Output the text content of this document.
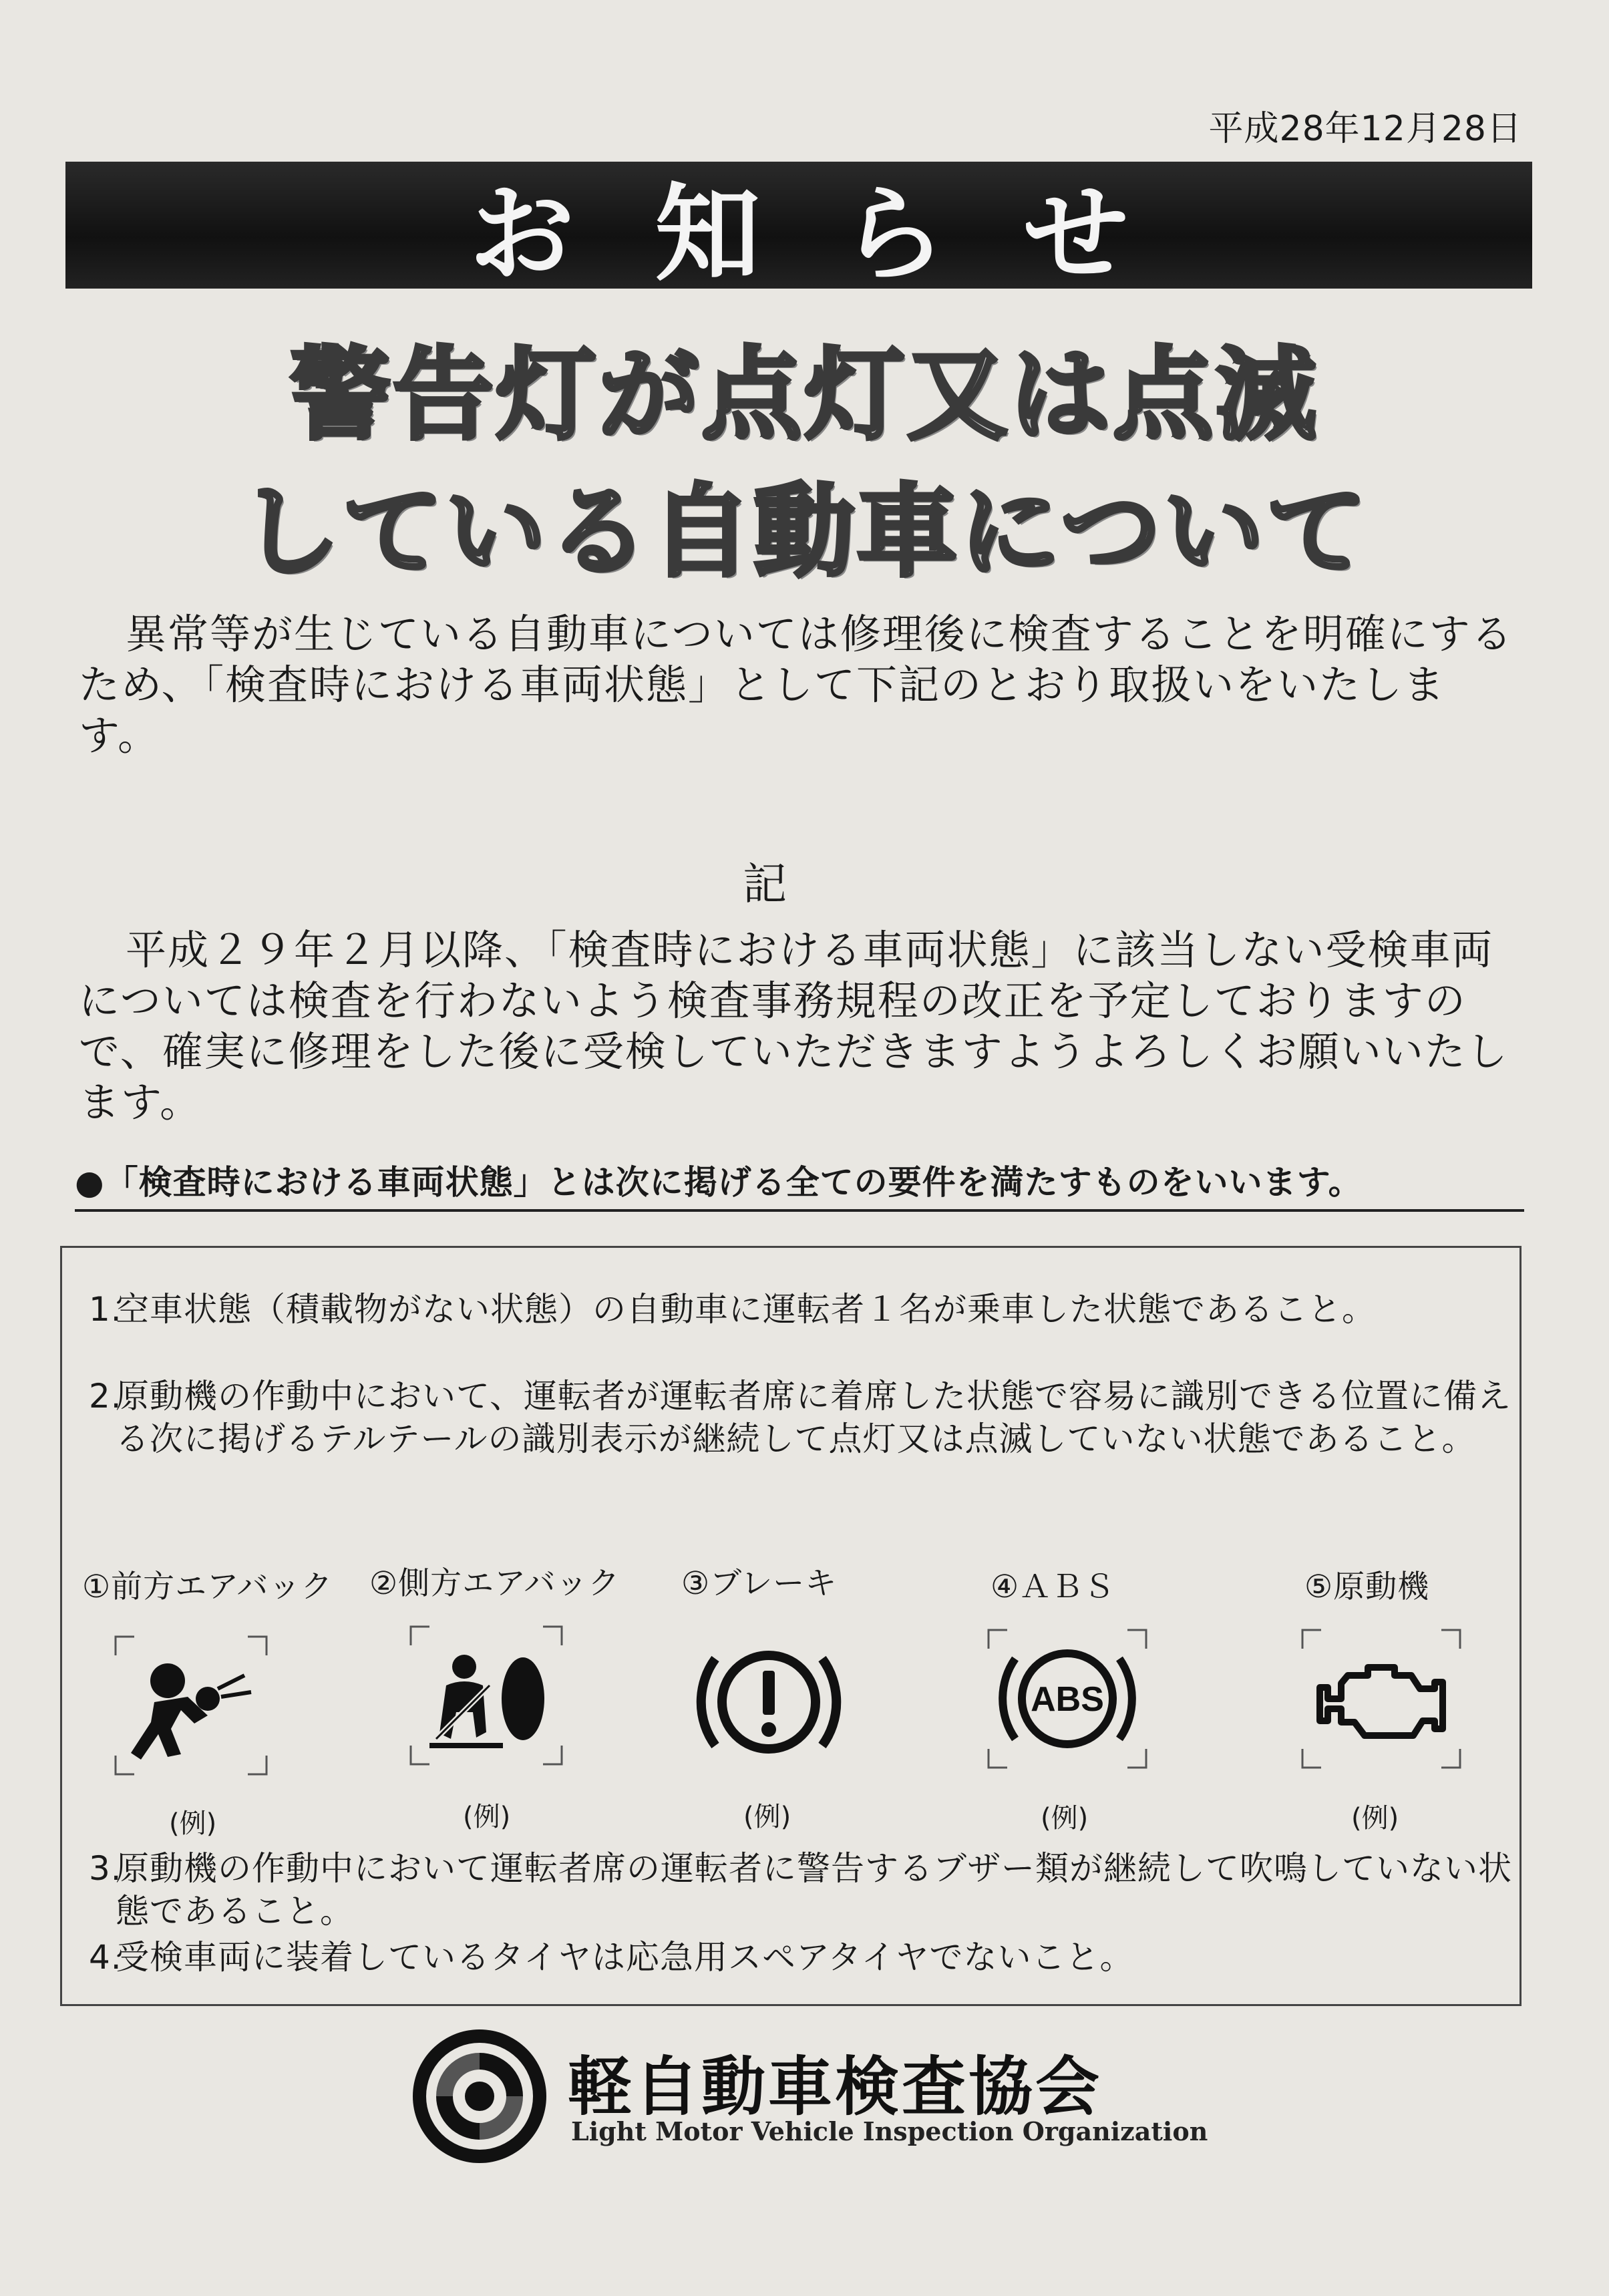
平成28年12月28日
お知らせ
警告灯が点灯又は点滅
している自動車について
異常等が生じている自動車については修理後に検査することを明確にするため、「検査時における車両状態」として下記のとおり取扱いをいたします。
記
平成２９年２月以降、「検査時における車両状態」に該当しない受検車両については検査を行わないよう検査事務規程の改正を予定しておりますので、確実に修理をした後に受検していただきますようよろしくお願いいたします。
●「検査時における車両状態」とは次に掲げる全ての要件を満たすものをいいます。
1.空車状態（積載物がない状態）の自動車に運転者１名が乗車した状態であること。
2.原動機の作動中において、運転者が運転者席に着席した状態で容易に識別できる位置に備える次に掲げるテルテールの識別表示が継続して点灯又は点滅していない状態であること。
①前方エアバック
(例)
②側方エアバック
(例)
③ブレーキ
(例)
④ＡＢＳ
ABS
(例)
⑤原動機
(例)
3.原動機の作動中において運転者席の運転者に警告するブザー類が継続して吹鳴していない状態であること。
4.受検車両に装着しているタイヤは応急用スペアタイヤでないこと。
軽自動車検査協会
Light Motor Vehicle Inspection Organization
